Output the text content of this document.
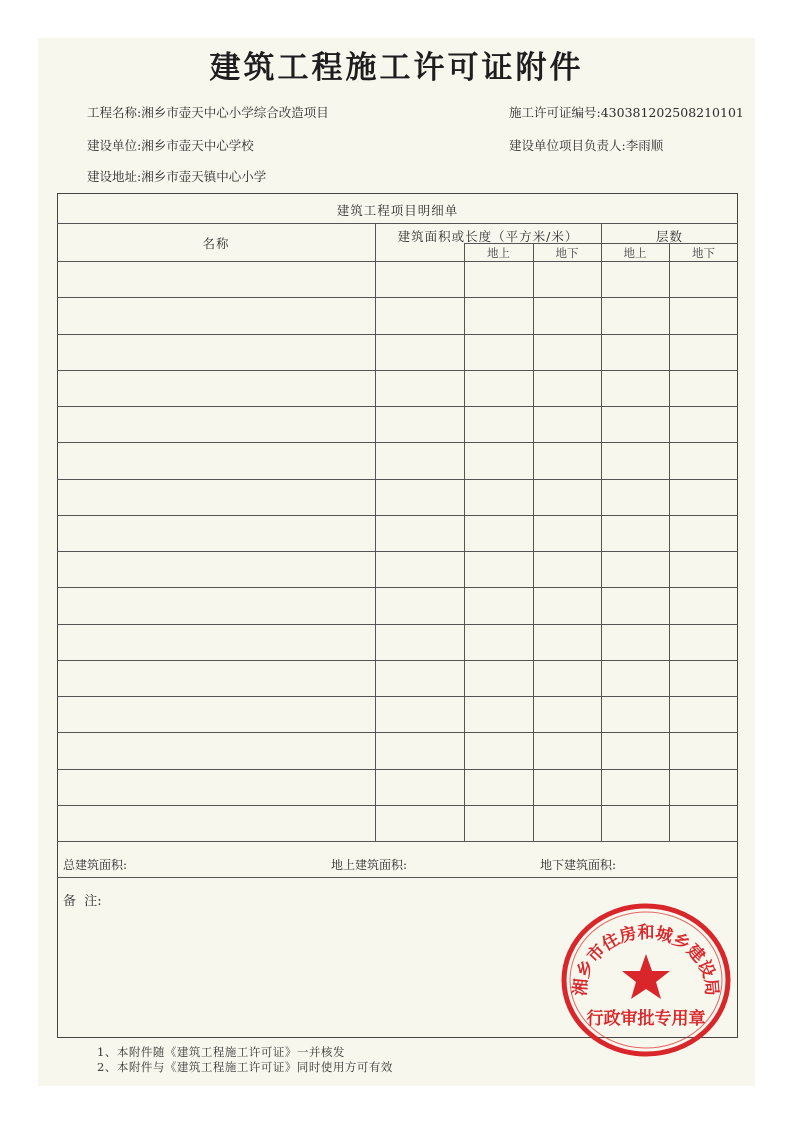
建筑工程施工许可证附件
工程名称:湘乡市壶天中心小学综合改造项目	施工许可证编号:430381202508210101
建设单位:湘乡市壶天中心学校	建设单位项目负责人:李雨顺
建设地址:湘乡市壶天镇中心小学
建筑工程项目明细单
名称	建筑面积或长度（平方米/米）	层数
地上	地下	地上	地下
总建筑面积:	地上建筑面积:	地下建筑面积:
备  注:
1、本附件随《建筑工程施工许可证》一并核发
2、本附件与《建筑工程施工许可证》同时使用方可有效
湘乡市住房和城乡建设局
行政审批专用章
